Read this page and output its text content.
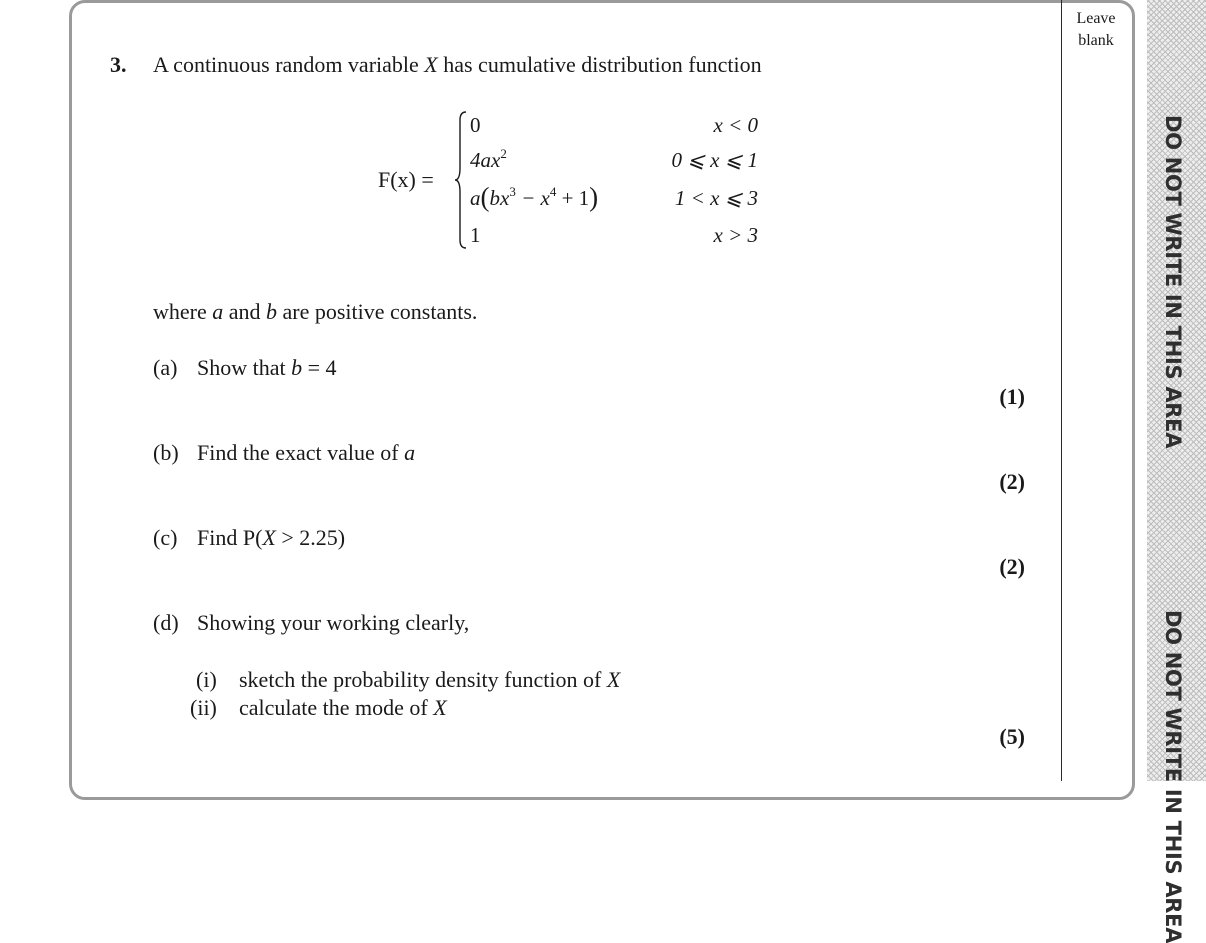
Leave
blank
DO NOT WRITE IN THIS AREA
DO NOT WRITE IN THIS AREA
3. A continuous random variable X has cumulative distribution function
F(x) =
0
$4ax^2$
$a(bx^3 - x^4 + 1)$
1
x < 0
0 ⩽ x ⩽ 1
1 < x ⩽ 3
x > 3
where a and b are positive constants.
(a) Show that b = 4
(1)
(b) Find the exact value of a
(2)
(c) Find P(X > 2.25)
(2)
(d) Showing your working clearly,
(i) sketch the probability density function of X
(ii) calculate the mode of X
(5)
